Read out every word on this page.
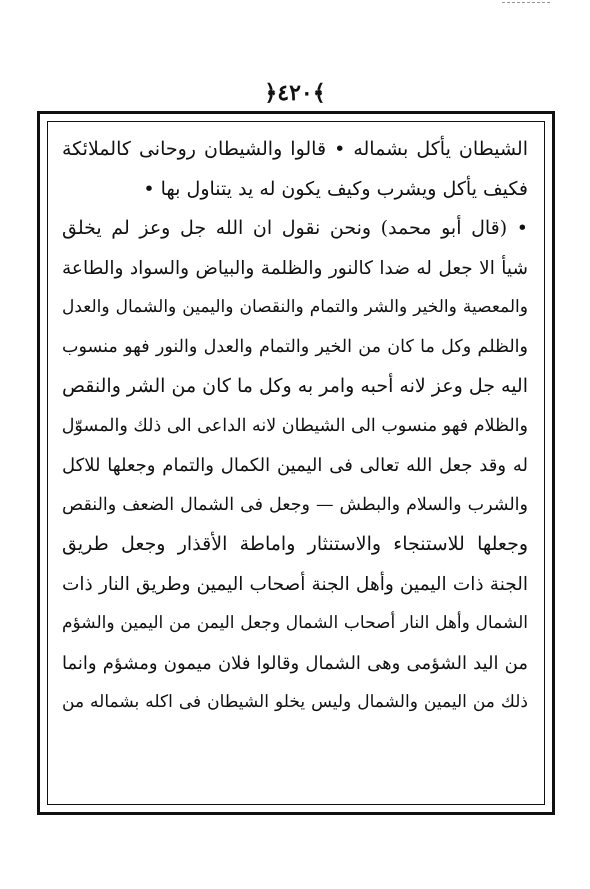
﴾٤٢٠﴿
الشيطان يأكل بشماله • قالوا والشيطان روحانى كالملائكة
فكيف يأكل ويشرب وكيف يكون له يد يتناول بها •
• (قال أبو محمد) ونحن نقول ان الله جل وعز لم يخلق
شيأ الا جعل له ضدا كالنور والظلمة والبياض والسواد والطاعة
والمعصية والخير والشر والتمام والنقصان واليمين والشمال والعدل
والظلم وكل ما كان من الخير والتمام والعدل والنور فهو منسوب
اليه جل وعز لانه أحبه وامر به وكل ما كان من الشر والنقص
والظلام فهو منسوب الى الشيطان لانه الداعى الى ذلك والمسوّل
له وقد جعل الله تعالى فى اليمين الكمال والتمام وجعلها للاكل
والشرب والسلام والبطش — وجعل فى الشمال الضعف والنقص
وجعلها للاستنجاء والاستنثار واماطة الأقذار وجعل طريق
الجنة ذات اليمين وأهل الجنة أصحاب اليمين وطريق النار ذات
الشمال وأهل النار أصحاب الشمال وجعل اليمن من اليمين والشؤم
من اليد الشؤمى وهى الشمال وقالوا فلان ميمون ومشؤم وانما
ذلك من اليمين والشمال وليس يخلو الشيطان فى اكله بشماله من
